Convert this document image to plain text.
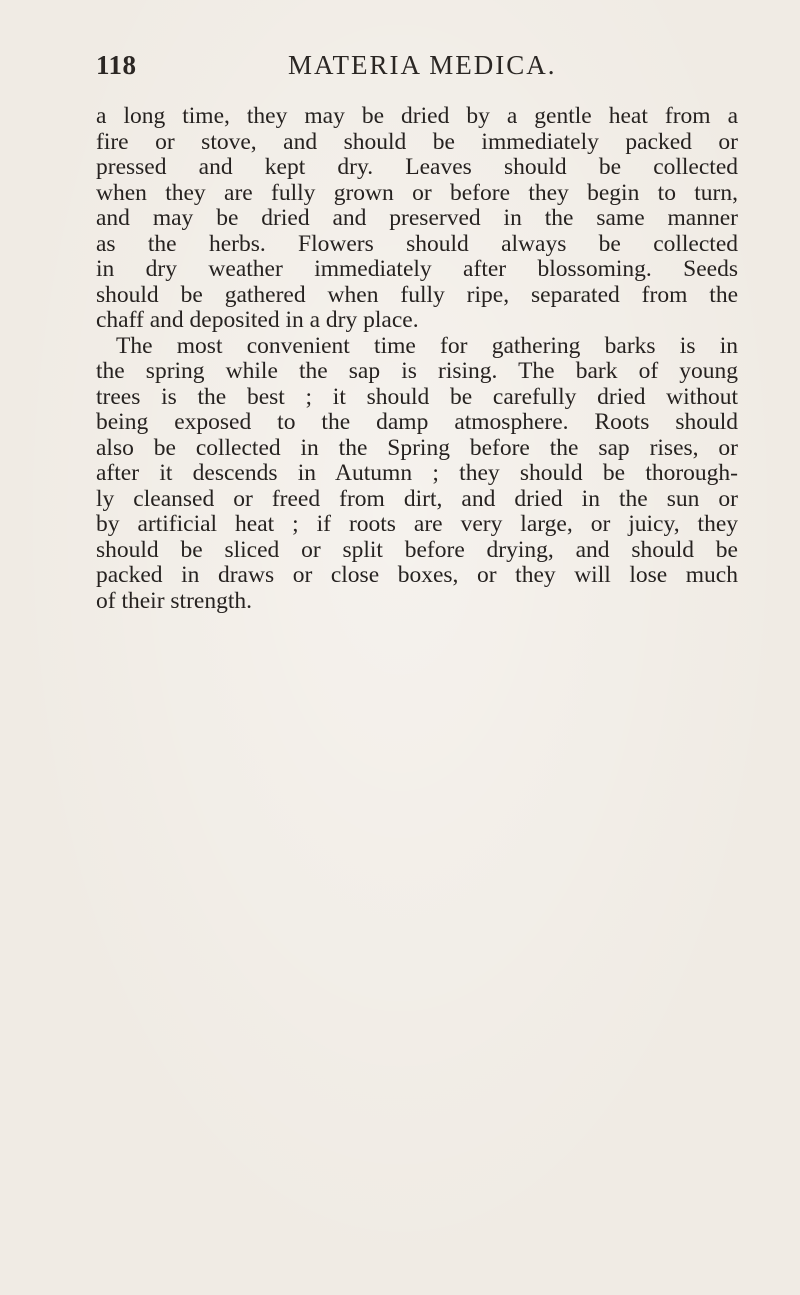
118	MATERIA MEDICA.
a long time, they may be dried by a gentle heat from a
fire or stove, and should be immediately packed or
pressed and kept dry. Leaves should be collected
when they are fully grown or before they begin to turn,
and may be dried and preserved in the same manner
as the herbs. Flowers should always be collected
in dry weather immediately after blossoming. Seeds
should be gathered when fully ripe, separated from the
chaff and deposited in a dry place.
The most convenient time for gathering barks is in
the spring while the sap is rising. The bark of young
trees is the best ; it should be carefully dried without
being exposed to the damp atmosphere. Roots should
also be collected in the Spring before the sap rises, or
after it descends in Autumn ; they should be thorough-
ly cleansed or freed from dirt, and dried in the sun or
by artificial heat ; if roots are very large, or juicy, they
should be sliced or split before drying, and should be
packed in draws or close boxes, or they will lose much
of their strength.
